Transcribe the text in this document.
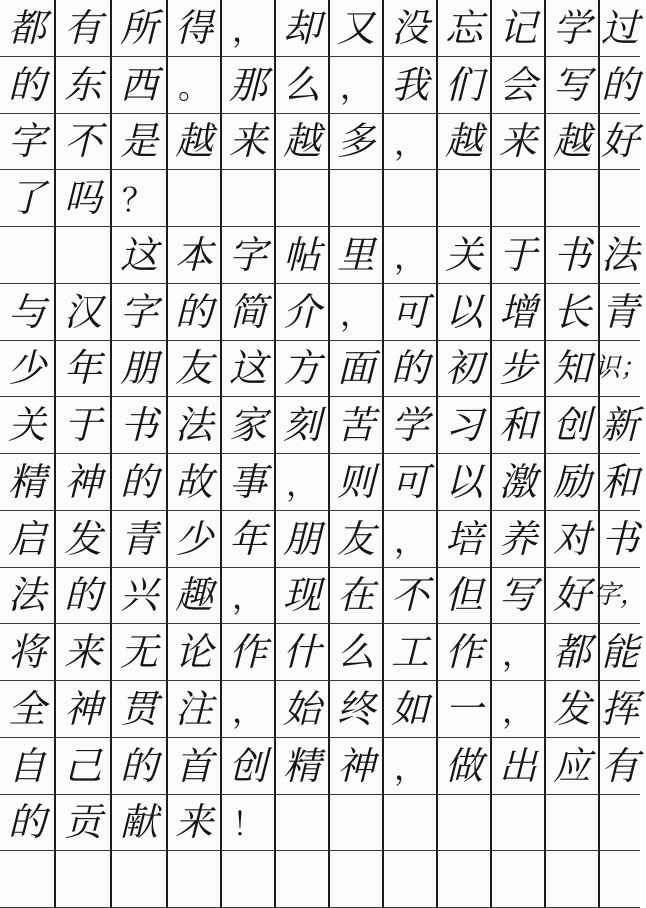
都 有 所 得 ， 却 又 没 忘 记 学 过
的 东 西 。 那 么 ， 我 们 会 写 的
字 不 是 越 来 越 多 ， 越 来 越 好
了 吗 ？
这 本 字 帖 里 ， 关 于 书 法
与 汉 字 的 简 介 ， 可 以 增 长 青
少 年 朋 友 这 方 面 的 初 步 知 识；
关 于 书 法 家 刻 苦 学 习 和 创 新
精 神 的 故 事 ， 则 可 以 激 励 和
启 发 青 少 年 朋 友 ， 培 养 对 书
法 的 兴 趣 ， 现 在 不 但 写 好 字，
将 来 无 论 作 什 么 工 作 ， 都 能
全 神 贯 注 ， 始 终 如 一 ， 发 挥
自 己 的 首 创 精 神 ， 做 出 应 有
的 贡 献 来 ！
